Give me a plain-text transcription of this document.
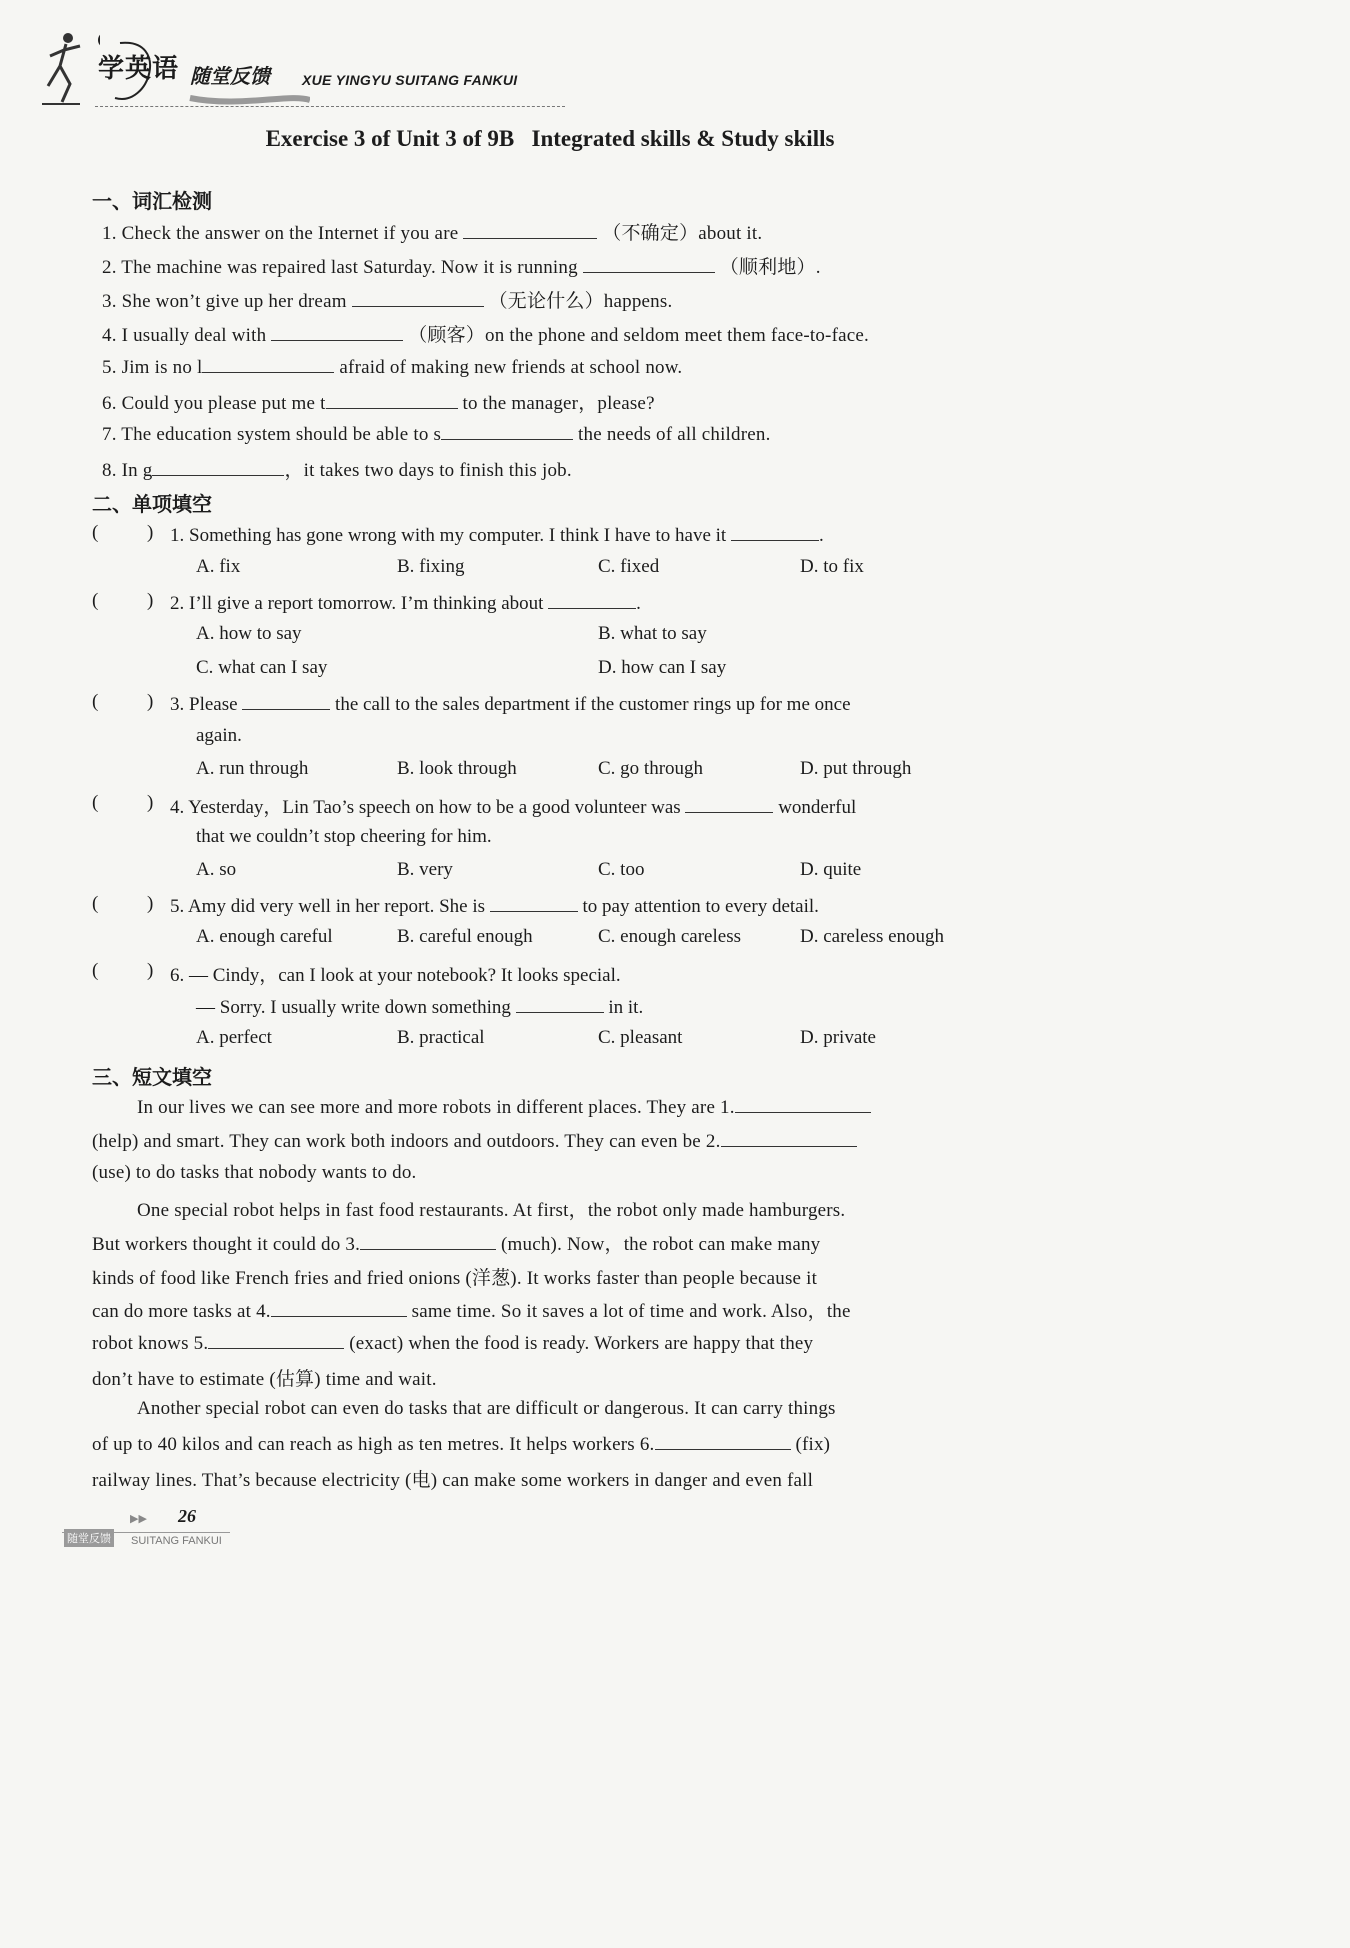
学英语 随堂反馈 XUE YINGYU SUITANG FANKUI
Exercise 3 of Unit 3 of 9B   Integrated skills & Study skills
一、词汇检测
1. Check the answer on the Internet if you are	（不确定）about it.
2. The machine was repaired last Saturday. Now it is running	（顺利地）.
3. She won’t give up her dream	（无论什么）happens.
4. I usually deal with	（顾客）on the phone and seldom meet them face-to-face.
5. Jim is no l	afraid of making new friends at school now.
6. Could you please put me t	to the manager，please?
7. The education system should be able to s	the needs of all children.
8. In g	，it takes two days to finish this job.
二、单项填空
(	) 1. Something has gone wrong with my computer. I think I have to have it	.
A. fix	B. fixing	C. fixed	D. to fix
(	) 2. I’ll give a report tomorrow. I’m thinking about	.
A. how to say	B. what to say
C. what can I say	D. how can I say
(	) 3. Please	the call to the sales department if the customer rings up for me once
again.
A. run through	B. look through	C. go through	D. put through
(	) 4. Yesterday，Lin Tao’s speech on how to be a good volunteer was	wonderful
that we couldn’t stop cheering for him.
A. so	B. very	C. too	D. quite
(	) 5. Amy did very well in her report. She is	to pay attention to every detail.
A. enough careful	B. careful enough	C. enough careless	D. careless enough
(	) 6. — Cindy，can I look at your notebook? It looks special.
— Sorry. I usually write down something	in it.
A. perfect	B. practical	C. pleasant	D. private
三、短文填空
In our lives we can see more and more robots in different places. They are 1.
(help) and smart. They can work both indoors and outdoors. They can even be 2.
(use) to do tasks that nobody wants to do.
One special robot helps in fast food restaurants. At first，the robot only made hamburgers.
But workers thought it could do 3.	(much). Now，the robot can make many
kinds of food like French fries and fried onions (洋葱). It works faster than people because it
can do more tasks at 4.	same time. So it saves a lot of time and work. Also，the
robot knows 5.	(exact) when the food is ready. Workers are happy that they
don’t have to estimate (估算) time and wait.
Another special robot can even do tasks that are difficult or dangerous. It can carry things
of up to 40 kilos and can reach as high as ten metres. It helps workers 6.	(fix)
railway lines. That’s because electricity (电) can make some workers in danger and even fall
▶▶ 26
随堂反馈 SUITANG FANKUI
